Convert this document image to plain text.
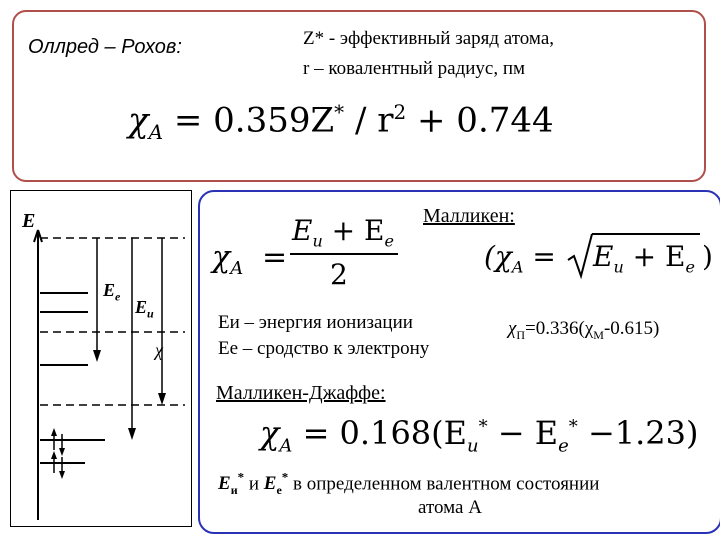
Оллред – Рохов:	Z* - эффективный заряд атома,
r – ковалентный радиус, пм
$\chi_A = 0.359Z^* / r^2 + 0.744$
E
$E_e$
$E_и$
χ
Малликен:
$\chi_A$ =
$E_и + E_e$
2
($\chi_A = E_и + E_e$ )
Eи – энергия ионизации
Eе – сродство к электрону
$\chi_П=0.336(\chi_M-0.615)$
Малликен-Джаффе:
$\chi_A = 0.168(E_и^* - E_e^* -1.23)$
$E_и^*$ и $E_е^*$ в определенном валентном состоянии
атома A
